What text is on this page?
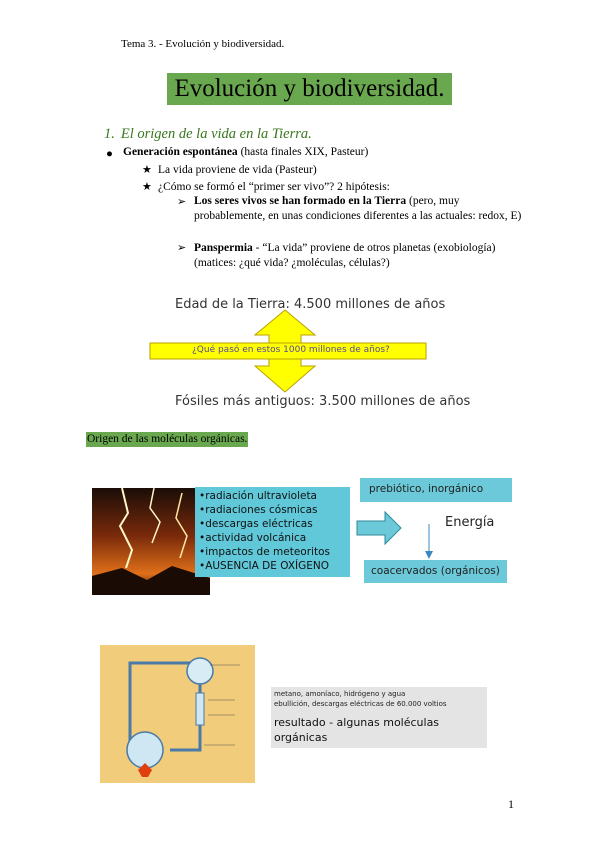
Tema 3. - Evolución y biodiversidad.
Evolución y biodiversidad.
1. El origen de la vida en la Tierra.
● Generación espontánea (hasta finales XIX, Pasteur)
★ La vida proviene de vida (Pasteur)
★ ¿Cómo se formó el “primer ser vivo”? 2 hipótesis:
➢ Los seres vivos se han formado en la Tierra (pero, muy probablemente, en unas condiciones diferentes a las actuales: redox, E)
➢ Panspermia - “La vida” proviene de otros planetas (exobiología) (matices: ¿qué vida? ¿moléculas, células?)
Edad de la Tierra: 4.500 millones de años
¿Qué pasó en estos 1000 millones de años?
Fósiles más antiguos: 3.500 millones de años
Origen de las moléculas orgánicas.
•radiación ultravioleta
•radiaciones cósmicas
•descargas eléctricas
•actividad volcánica
•impactos de meteoritos
•AUSENCIA DE OXÍGENO
prebiótico, inorgánico
Energía
coacervados (orgánicos)
metano, amoníaco, hidrógeno y agua
ebullición, descargas eléctricas de 60.000 voltios
resultado - algunas moléculas
orgánicas
1
